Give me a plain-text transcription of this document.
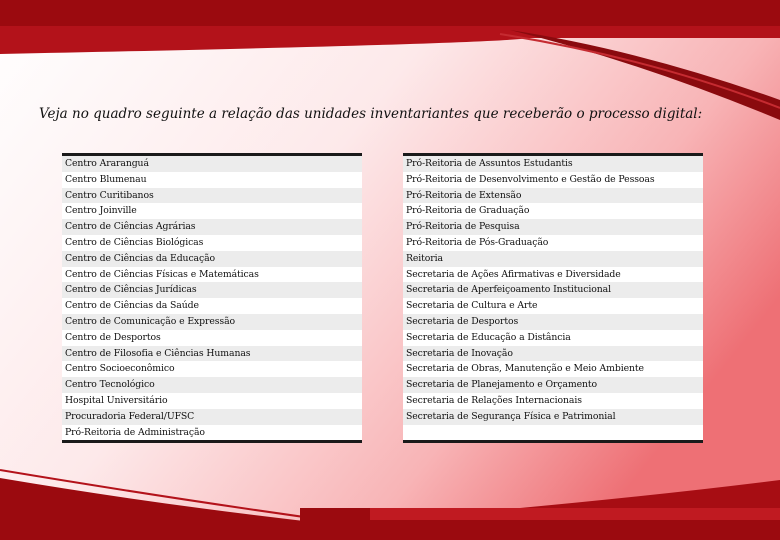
Veja no quadro seguinte a relação das unidades inventariantes que receberão o processo digital:
Centro Araranguá
Centro Blumenau
Centro Curitibanos
Centro Joinville
Centro de Ciências Agrárias
Centro de Ciências Biológicas
Centro de Ciências da Educação
Centro de Ciências Físicas e Matemáticas
Centro de Ciências Jurídicas
Centro de Ciências da Saúde
Centro de Comunicação e Expressão
Centro de Desportos
Centro de Filosofia e Ciências Humanas
Centro Socioeconômico
Centro Tecnológico
Hospital Universitário
Procuradoria Federal/UFSC
Pró-Reitoria de Administração
Pró-Reitoria de Assuntos Estudantis
Pró-Reitoria de Desenvolvimento e Gestão de Pessoas
Pró-Reitoria de Extensão
Pró-Reitoria de Graduação
Pró-Reitoria de Pesquisa
Pró-Reitoria de Pós-Graduação
Reitoria
Secretaria de Ações Afirmativas e Diversidade
Secretaria de Aperfeiçoamento Institucional
Secretaria de Cultura e Arte
Secretaria de Desportos
Secretaria de Educação a Distância
Secretaria de Inovação
Secretaria de Obras, Manutenção e Meio Ambiente
Secretaria de Planejamento e Orçamento
Secretaria de Relações Internacionais
Secretaria de Segurança Física e Patrimonial
